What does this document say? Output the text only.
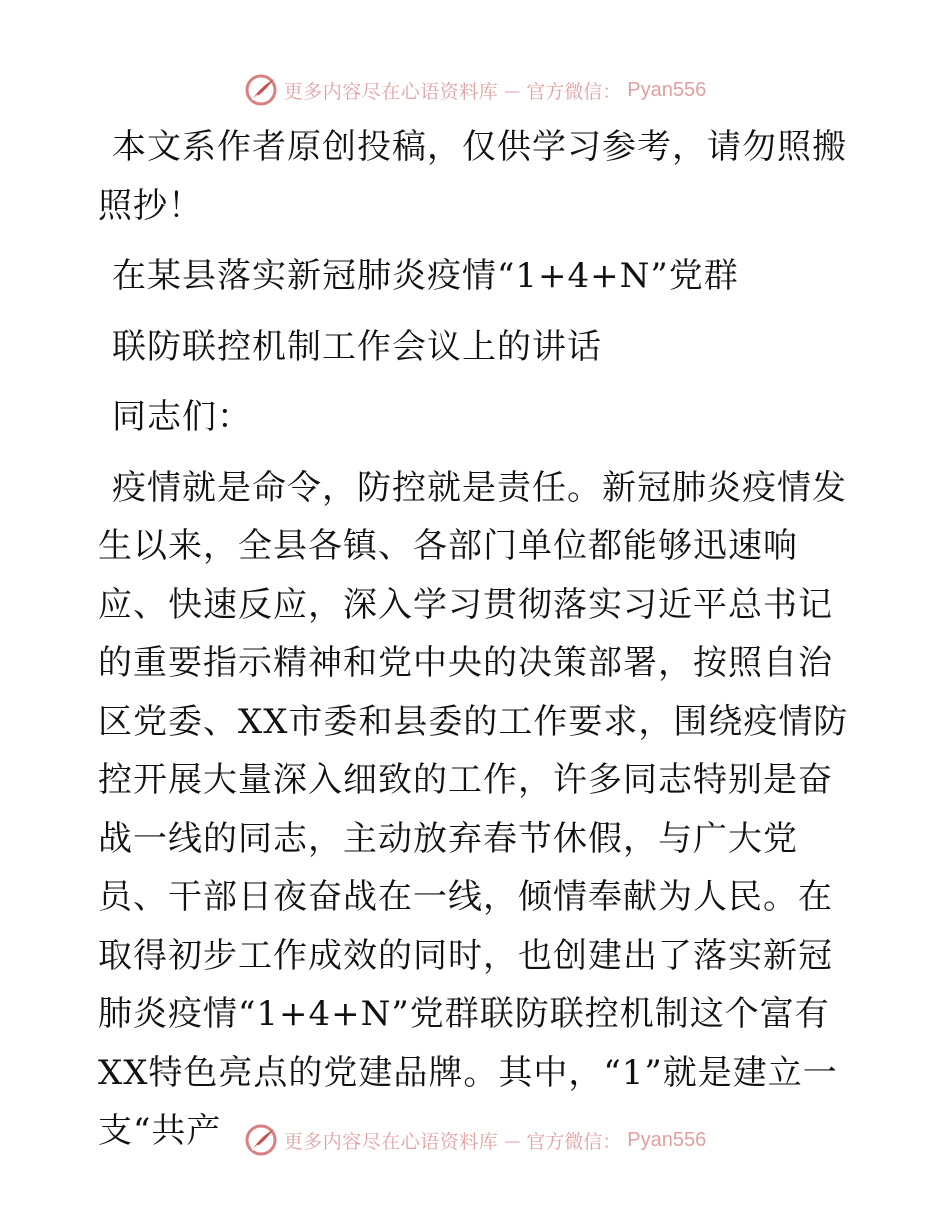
更多内容尽在心语资料库 — 官方微信： Pyan556

本文系作者原创投稿，仅供学习参考，请勿照搬照抄！

在某县落实新冠肺炎疫情“1+4+N”党群

联防联控机制工作会议上的讲话

同志们：

疫情就是命令，防控就是责任。新冠肺炎疫情发生以来，全县各镇、各部门单位都能够迅速响应、快速反应，深入学习贯彻落实习近平总书记的重要指示精神和党中央的决策部署，按照自治区党委、XX市委和县委的工作要求，围绕疫情防控开展大量深入细致的工作，许多同志特别是奋战一线的同志，主动放弃春节休假，与广大党员、干部日夜奋战在一线，倾情奉献为人民。在取得初步工作成效的同时，也创建出了落实新冠肺炎疫情“1+4+N”党群联防联控机制这个富有XX特色亮点的党建品牌。其中，“1”就是建立一支“共产	更多内容尽在心语资料库 — 官方微信： Pyan556
